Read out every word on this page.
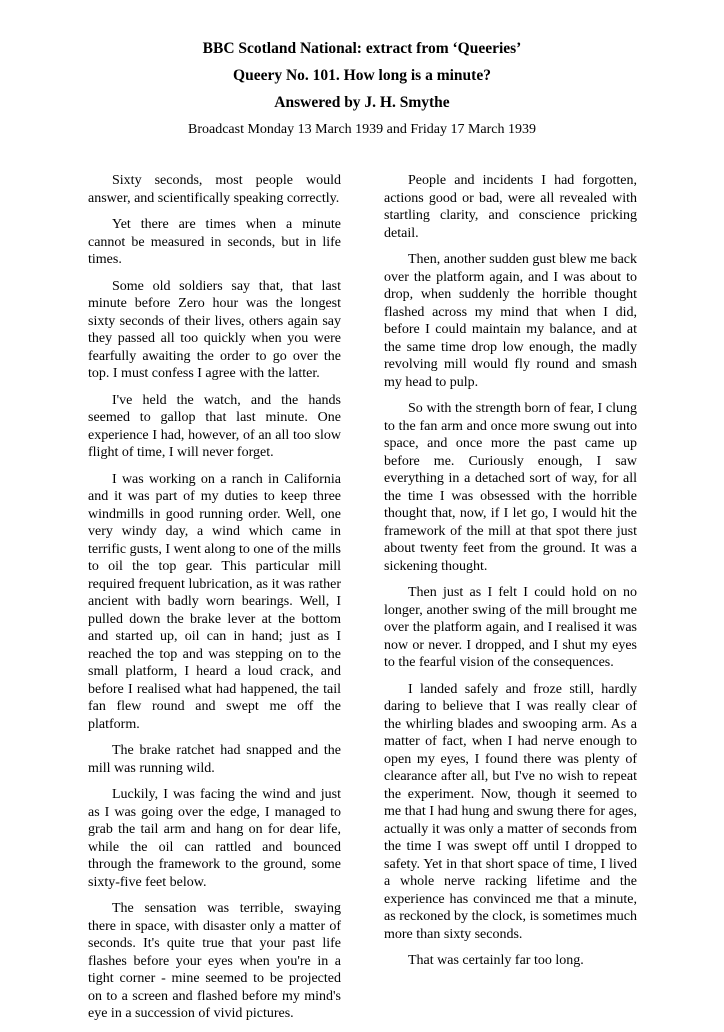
BBC Scotland National: extract from ‘Queeries’
Queery No. 101. How long is a minute?
Answered by J. H. Smythe
Broadcast Monday 13 March 1939 and Friday 17 March 1939

Sixty seconds, most people would answer, and scientifically speaking correctly.

Yet there are times when a minute cannot be measured in seconds, but in life times.

Some old soldiers say that, that last minute before Zero hour was the longest sixty seconds of their lives, others again say they passed all too quickly when you were fearfully awaiting the order to go over the top. I must confess I agree with the latter.

I've held the watch, and the hands seemed to gallop that last minute. One experience I had, however, of an all too slow flight of time, I will never forget.

I was working on a ranch in California and it was part of my duties to keep three windmills in good running order. Well, one very windy day, a wind which came in terrific gusts, I went along to one of the mills to oil the top gear. This particular mill required frequent lubrication, as it was rather ancient with badly worn bearings. Well, I pulled down the brake lever at the bottom and started up, oil can in hand; just as I reached the top and was stepping on to the small platform, I heard a loud crack, and before I realised what had happened, the tail fan flew round and swept me off the platform.

The brake ratchet had snapped and the mill was running wild.

Luckily, I was facing the wind and just as I was going over the edge, I managed to grab the tail arm and hang on for dear life, while the oil can rattled and bounced through the framework to the ground, some sixty-five feet below.

The sensation was terrible, swaying there in space, with disaster only a matter of seconds. It's quite true that your past life flashes before your eyes when you're in a tight corner - mine seemed to be projected on to a screen and flashed before my mind's eye in a succession of vivid pictures.

People and incidents I had forgotten, actions good or bad, were all revealed with startling clarity, and conscience pricking detail.

Then, another sudden gust blew me back over the platform again, and I was about to drop, when suddenly the horrible thought flashed across my mind that when I did, before I could maintain my balance, and at the same time drop low enough, the madly revolving mill would fly round and smash my head to pulp.

So with the strength born of fear, I clung to the fan arm and once more swung out into space, and once more the past came up before me. Curiously enough, I saw everything in a detached sort of way, for all the time I was obsessed with the horrible thought that, now, if I let go, I would hit the framework of the mill at that spot there just about twenty feet from the ground. It was a sickening thought.

Then just as I felt I could hold on no longer, another swing of the mill brought me over the platform again, and I realised it was now or never. I dropped, and I shut my eyes to the fearful vision of the consequences.

I landed safely and froze still, hardly daring to believe that I was really clear of the whirling blades and swooping arm. As a matter of fact, when I had nerve enough to open my eyes, I found there was plenty of clearance after all, but I've no wish to repeat the experiment. Now, though it seemed to me that I had hung and swung there for ages, actually it was only a matter of seconds from the time I was swept off until I dropped to safety. Yet in that short space of time, I lived a whole nerve racking lifetime and the experience has convinced me that a minute, as reckoned by the clock, is sometimes much more than sixty seconds.

That was certainly far too long.
